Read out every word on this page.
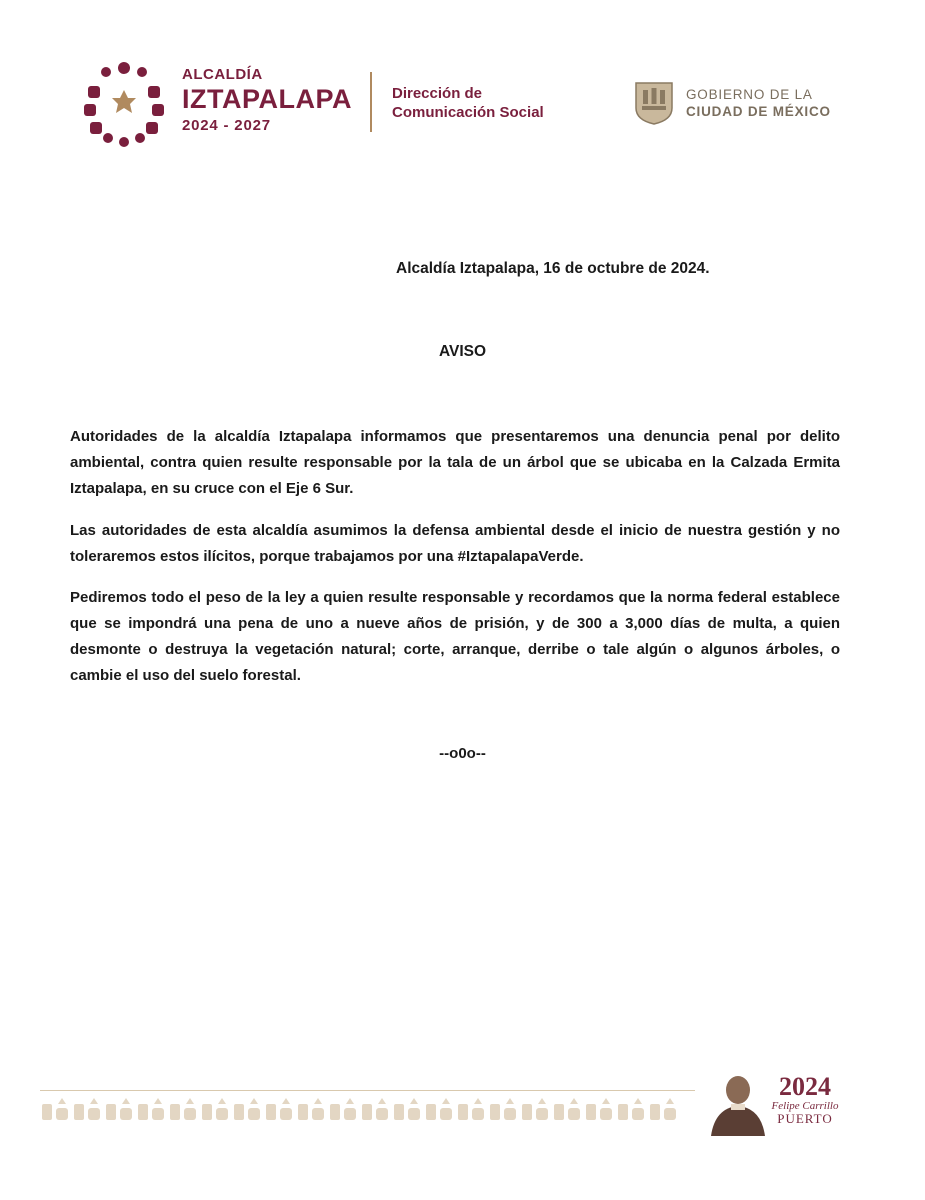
ALCALDÍA
IZTAPALAPA
2024 - 2027
Dirección de
Comunicación Social
GOBIERNO DE LA
CIUDAD DE MÉXICO
Alcaldía Iztapalapa, 16 de octubre de 2024.
AVISO

Autoridades de la alcaldía Iztapalapa informamos que presentaremos una denuncia penal por delito ambiental, contra quien resulte responsable por la tala de un árbol que se ubicaba en la Calzada Ermita Iztapalapa, en su cruce con el Eje 6 Sur.

Las autoridades de esta alcaldía asumimos la defensa ambiental desde el inicio de nuestra gestión y no toleraremos estos ilícitos, porque trabajamos por una #IztapalapaVerde.

Pediremos todo el peso de la ley a quien resulte responsable y recordamos que la norma federal establece que se impondrá una pena de uno a nueve años de prisión, y de 300 a 3,000 días de multa, a quien desmonte o destruya la vegetación natural; corte, arranque, derribe o tale algún o algunos árboles, o cambie el uso del suelo forestal.

--o0o--
2024
Felipe Carrillo
PUERTO
